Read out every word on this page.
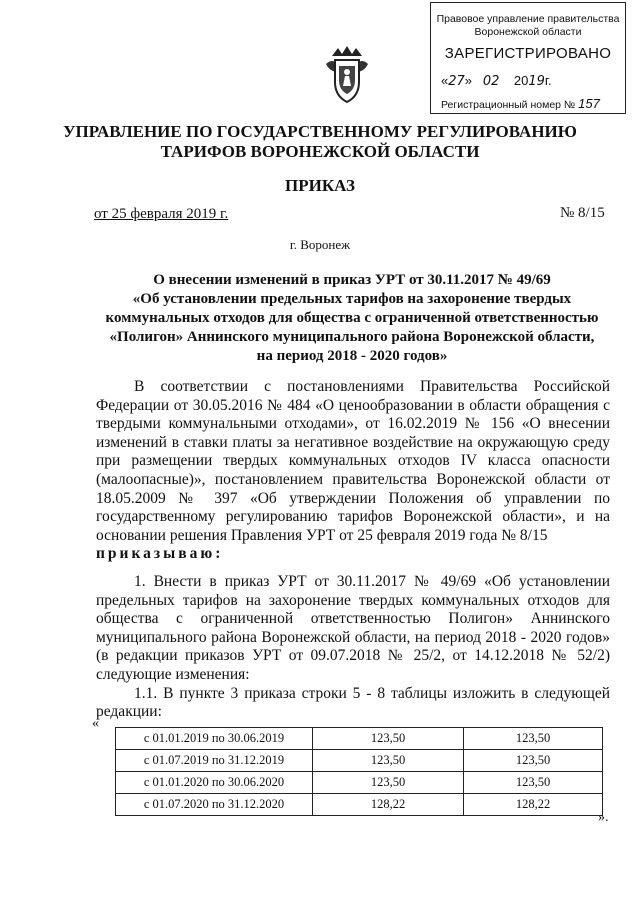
Правовое управление правительства
Воронежской области
ЗАРЕГИСТРИРОВАНО
«27»   02 2019г.
Регистрационный номер № 157
УПРАВЛЕНИЕ ПО ГОСУДАРСТВЕННОМУ РЕГУЛИРОВАНИЮ
ТАРИФОВ ВОРОНЕЖСКОЙ ОБЛАСТИ
ПРИКАЗ
от 25 февраля 2019 г.	№ 8/15
г. Воронеж
О внесении изменений в приказ УРТ от 30.11.2017 № 49/69
«Об установлении предельных тарифов на захоронение твердых
коммунальных отходов для общества с ограниченной ответственностью
«Полигон» Аннинского муниципального района Воронежской области,
на период 2018 - 2020 годов»

В соответствии с постановлениями Правительства Российской Федерации от 30.05.2016 № 484 «О ценообразовании в области обращения с твердыми коммунальными отходами», от 16.02.2019 № 156 «О внесении изменений в ставки платы за негативное воздействие на окружающую среду при размещении твердых коммунальных отходов IV класса опасности (малоопасные)», постановлением правительства Воронежской области от 18.05.2009 № 397 «Об утверждении Положения об управлении по государственному регулированию тарифов Воронежской области», и на основании решения Правления УРТ от 25 февраля 2019 года № 8/15

приказываю:

1. Внести в приказ УРТ от 30.11.2017 № 49/69 «Об установлении предельных тарифов на захоронение твердых коммунальных отходов для общества с ограниченной ответственностью Полигон» Аннинского муниципального района Воронежской области, на период 2018 - 2020 годов» (в редакции приказов УРТ от 09.07.2018 № 25/2, от 14.12.2018 № 52/2) следующие изменения:

1.1. В пункте 3 приказа строки 5 - 8 таблицы изложить в следующей редакции:

«
с 01.01.2019 по 30.06.2019	123,50	123,50
с 01.07.2019 по 31.12.2019	123,50	123,50
с 01.01.2020 по 30.06.2020	123,50	123,50
с 01.07.2020 по 31.12.2020	128,22	128,22
».
